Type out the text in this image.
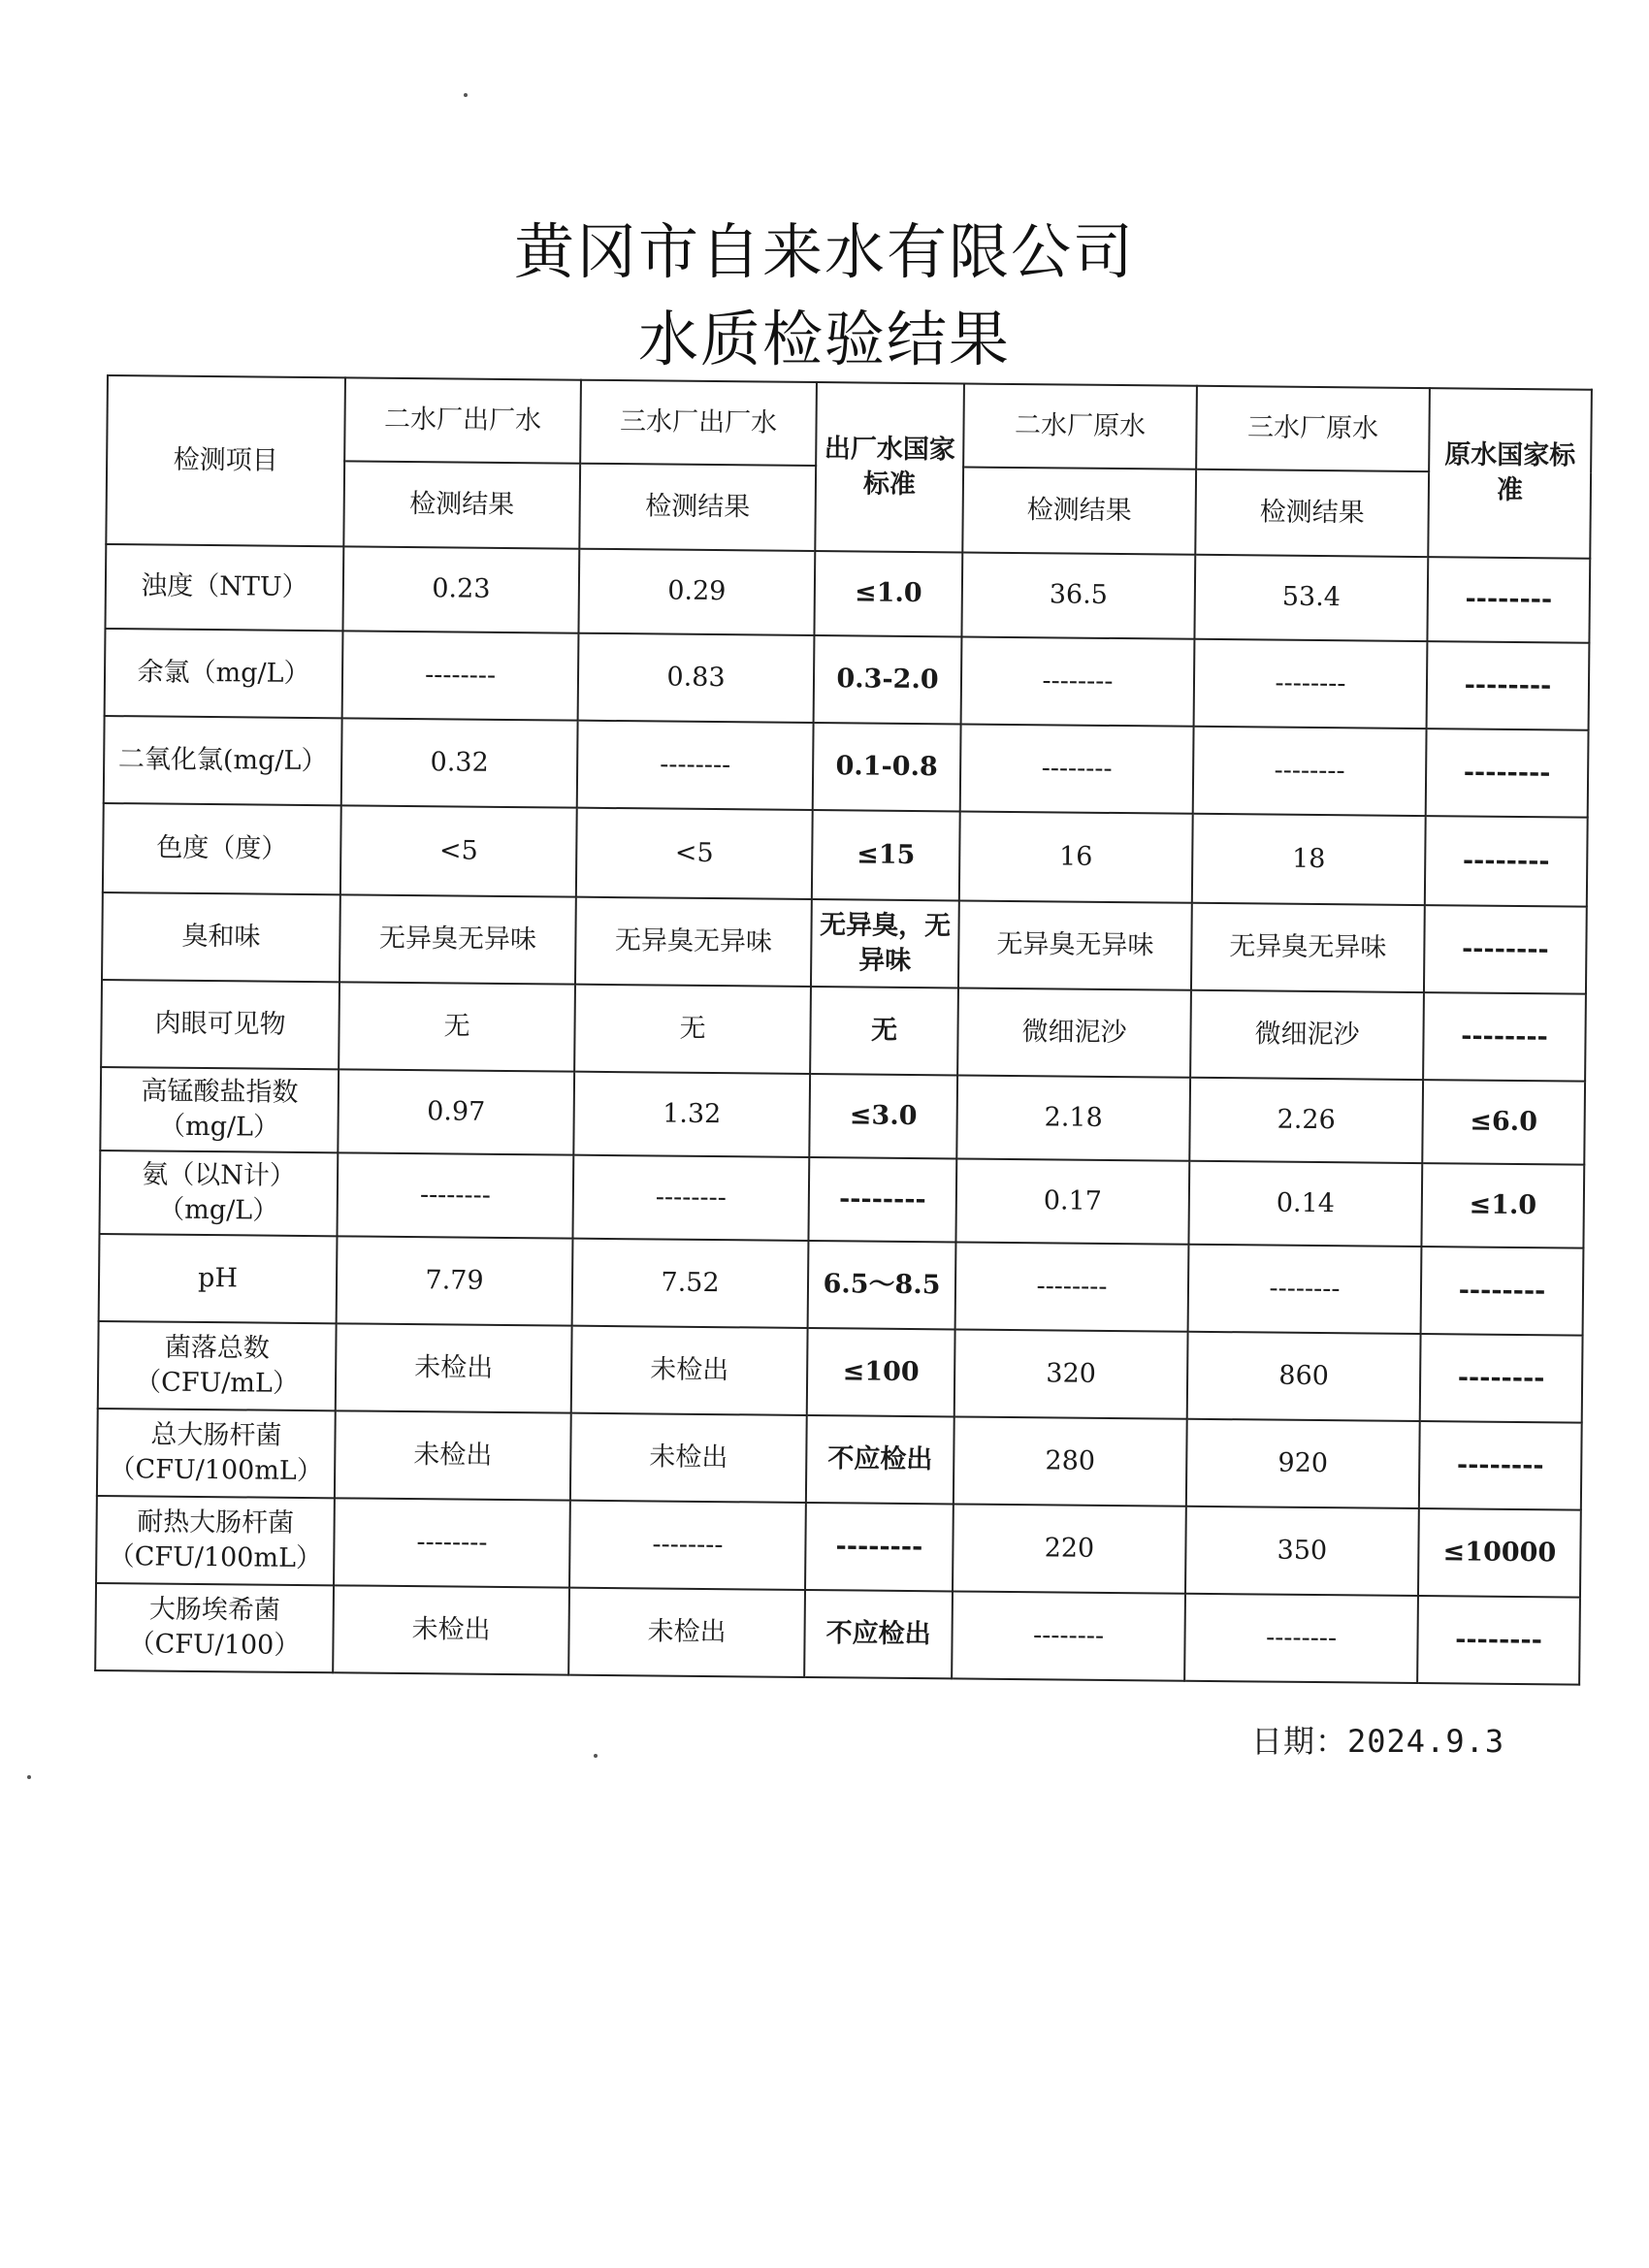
黄冈市自来水有限公司
水质检验结果
检测项目	二水厂出厂水	三水厂出厂水	出厂水国家标准	二水厂原水	三水厂原水	原水国家标准
	检测结果	检测结果		检测结果	检测结果	
浊度（NTU）	0.23	0.29	≤1.0	36.5	53.4	--------
余氯（mg/L）	--------	0.83	0.3-2.0	--------	--------	--------
二氧化氯(mg/L）	0.32	--------	0.1-0.8	--------	--------	--------
色度（度）	<5	<5	≤15	16	18	--------
臭和味	无异臭无异味	无异臭无异味	无异臭，无异味	无异臭无异味	无异臭无异味	--------
肉眼可见物	无	无	无	微细泥沙	微细泥沙	--------
高锰酸盐指数（mg/L）	0.97	1.32	≤3.0	2.18	2.26	≤6.0
氨（以N计）（mg/L）	--------	--------	--------	0.17	0.14	≤1.0
pH	7.79	7.52	6.5～8.5	--------	--------	--------
菌落总数（CFU/mL）	未检出	未检出	≤100	320	860	--------
总大肠杆菌（CFU/100mL）	未检出	未检出	不应检出	280	920	--------
耐热大肠杆菌（CFU/100mL）	--------	--------	--------	220	350	≤10000
大肠埃希菌（CFU/100）	未检出	未检出	不应检出	--------	--------	--------
日期：2024.9.3
